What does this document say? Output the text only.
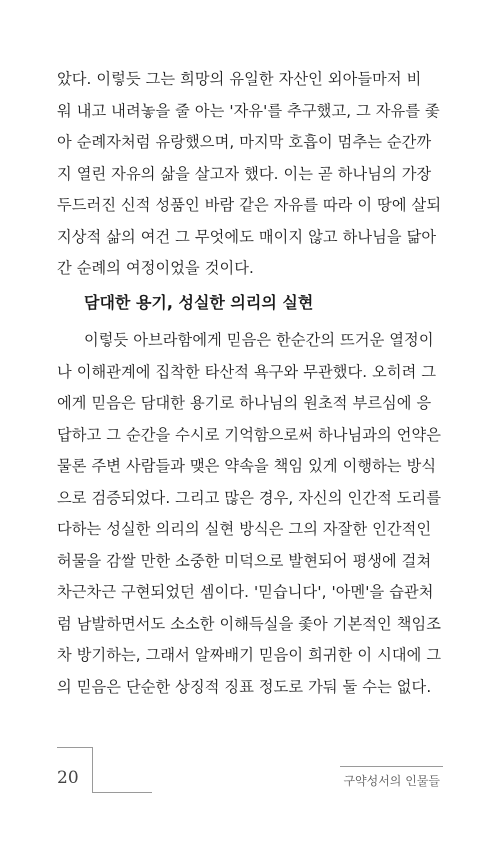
았다. 이렇듯 그는 희망의 유일한 자산인 외아들마저 비
워 내고 내려놓을 줄 아는 '자유'를 추구했고, 그 자유를 좇
아 순례자처럼 유랑했으며, 마지막 호흡이 멈추는 순간까
지 열린 자유의 삶을 살고자 했다. 이는 곧 하나님의 가장
두드러진 신적 성품인 바람 같은 자유를 따라 이 땅에 살되
지상적 삶의 여건 그 무엇에도 매이지 않고 하나님을 닮아
간 순례의 여정이었을 것이다.
담대한 용기, 성실한 의리의 실현
이렇듯 아브라함에게 믿음은 한순간의 뜨거운 열정이
나 이해관계에 집착한 타산적 욕구와 무관했다. 오히려 그
에게 믿음은 담대한 용기로 하나님의 원초적 부르심에 응
답하고 그 순간을 수시로 기억함으로써 하나님과의 언약은
물론 주변 사람들과 맺은 약속을 책임 있게 이행하는 방식
으로 검증되었다. 그리고 많은 경우, 자신의 인간적 도리를
다하는 성실한 의리의 실현 방식은 그의 자잘한 인간적인
허물을 감쌀 만한 소중한 미덕으로 발현되어 평생에 걸쳐
차근차근 구현되었던 셈이다. '믿습니다', '아멘'을 습관처
럼 남발하면서도 소소한 이해득실을 좇아 기본적인 책임조
차 방기하는, 그래서 알짜배기 믿음이 희귀한 이 시대에 그
의 믿음은 단순한 상징적 징표 정도로 가둬 둘 수는 없다.
20	구약성서의 인물들
